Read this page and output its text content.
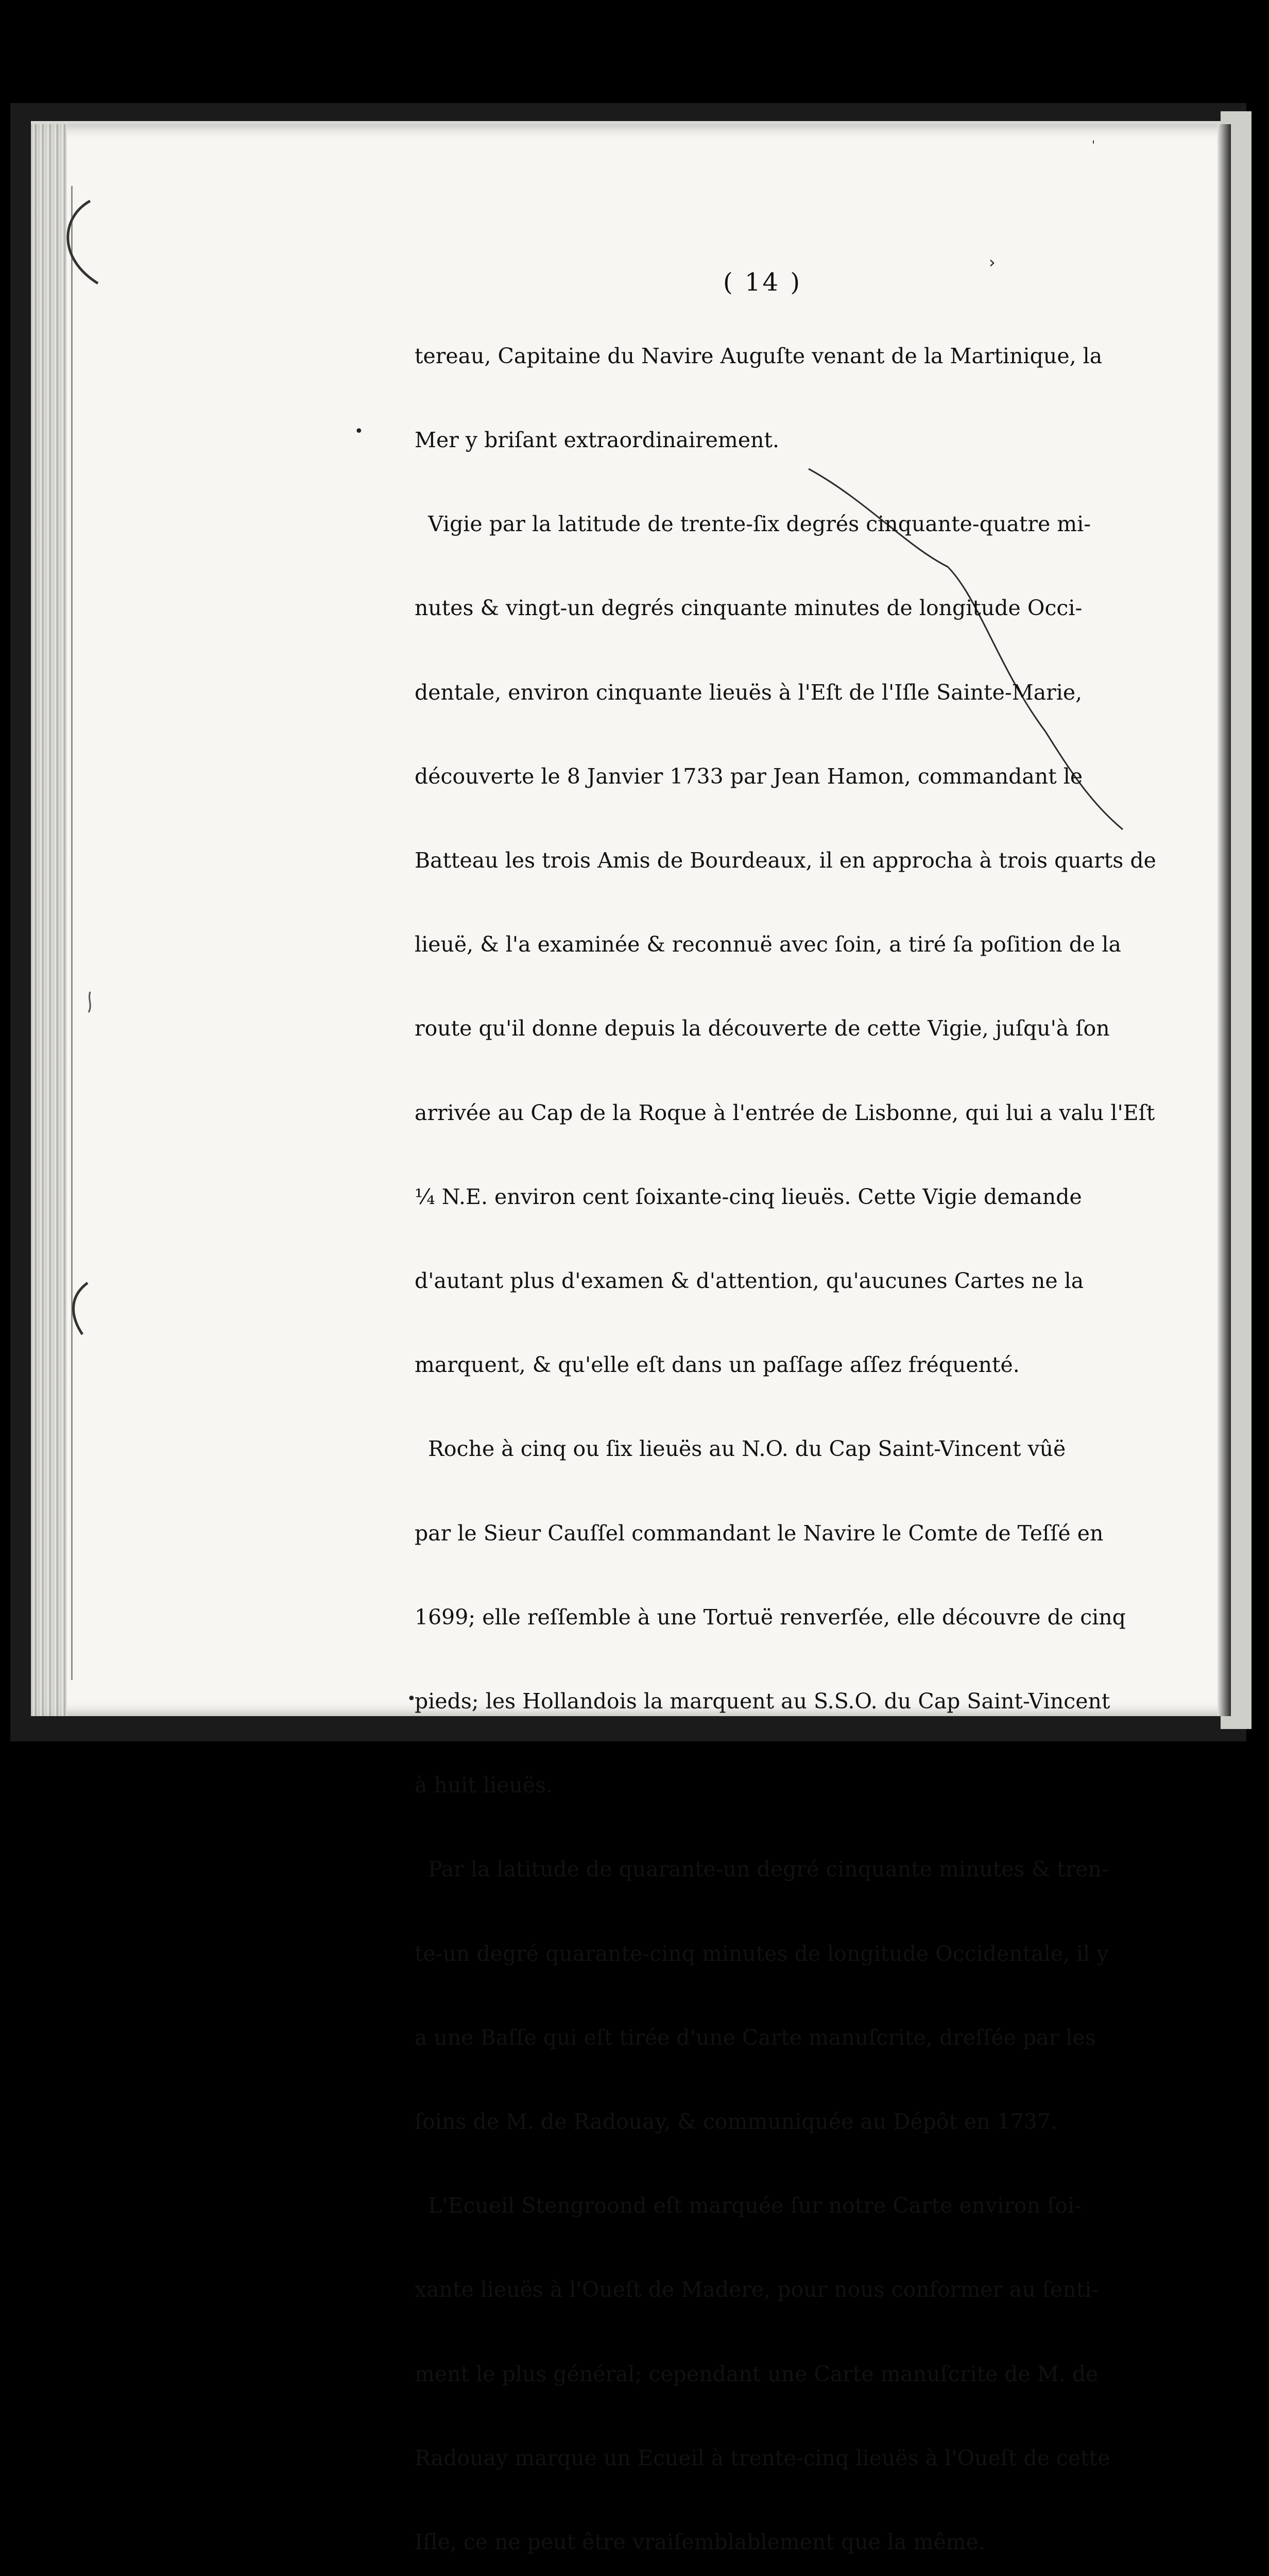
•
•
'
›
( 14 )

tereau, Capitaine du Navire Auguſte venant de la Martinique, la

Mer y briſant extraordinairement.

Vigie par la latitude de trente-ſix degrés cinquante-quatre mi-

nutes & vingt-un degrés cinquante minutes de longitude Occi-

dentale, environ cinquante lieuës à l'Eſt de l'Iſle Sainte-Marie,

découverte le 8 Janvier 1733 par Jean Hamon, commandant le

Batteau les trois Amis de Bourdeaux, il en approcha à trois quarts de

lieuë, & l'a examinée & reconnuë avec ſoin, a tiré ſa poſition de la

route qu'il donne depuis la découverte de cette Vigie, juſqu'à ſon

arrivée au Cap de la Roque à l'entrée de Lisbonne, qui lui a valu l'Eſt

¼ N.E. environ cent ſoixante-cinq lieuës. Cette Vigie demande

d'autant plus d'examen & d'attention, qu'aucunes Cartes ne la

marquent, & qu'elle eſt dans un paſſage aſſez fréquenté.

Roche à cinq ou ſix lieuës au N.O. du Cap Saint-Vincent vûë

par le Sieur Cauſſel commandant le Navire le Comte de Teſſé en

1699; elle reſſemble à une Tortuë renverſée, elle découvre de cinq

pieds; les Hollandois la marquent au S.S.O. du Cap Saint-Vincent

à huit lieuës.

Par la latitude de quarante-un degré cinquante minutes & tren-

te-un degré quarante-cinq minutes de longitude Occidentale, il y

a une Baſſe qui eſt tirée d'une Carte manuſcrite, dreſſée par les

ſoins de M. de Radouay, & communiquée au Dépôt en 1737.

L'Ecueil Stengroond eſt marquée ſur notre Carte environ ſoi-

xante lieuës à l'Oueſt de Madere, pour nous conformer au ſenti-

ment le plus général; cependant une Carte manuſcrite de M. de

Radouay marque un Ecueil à trente-cinq lieuës à l'Oueſt de cette

Iſle, ce ne peut être vraiſemblablement que la même.
